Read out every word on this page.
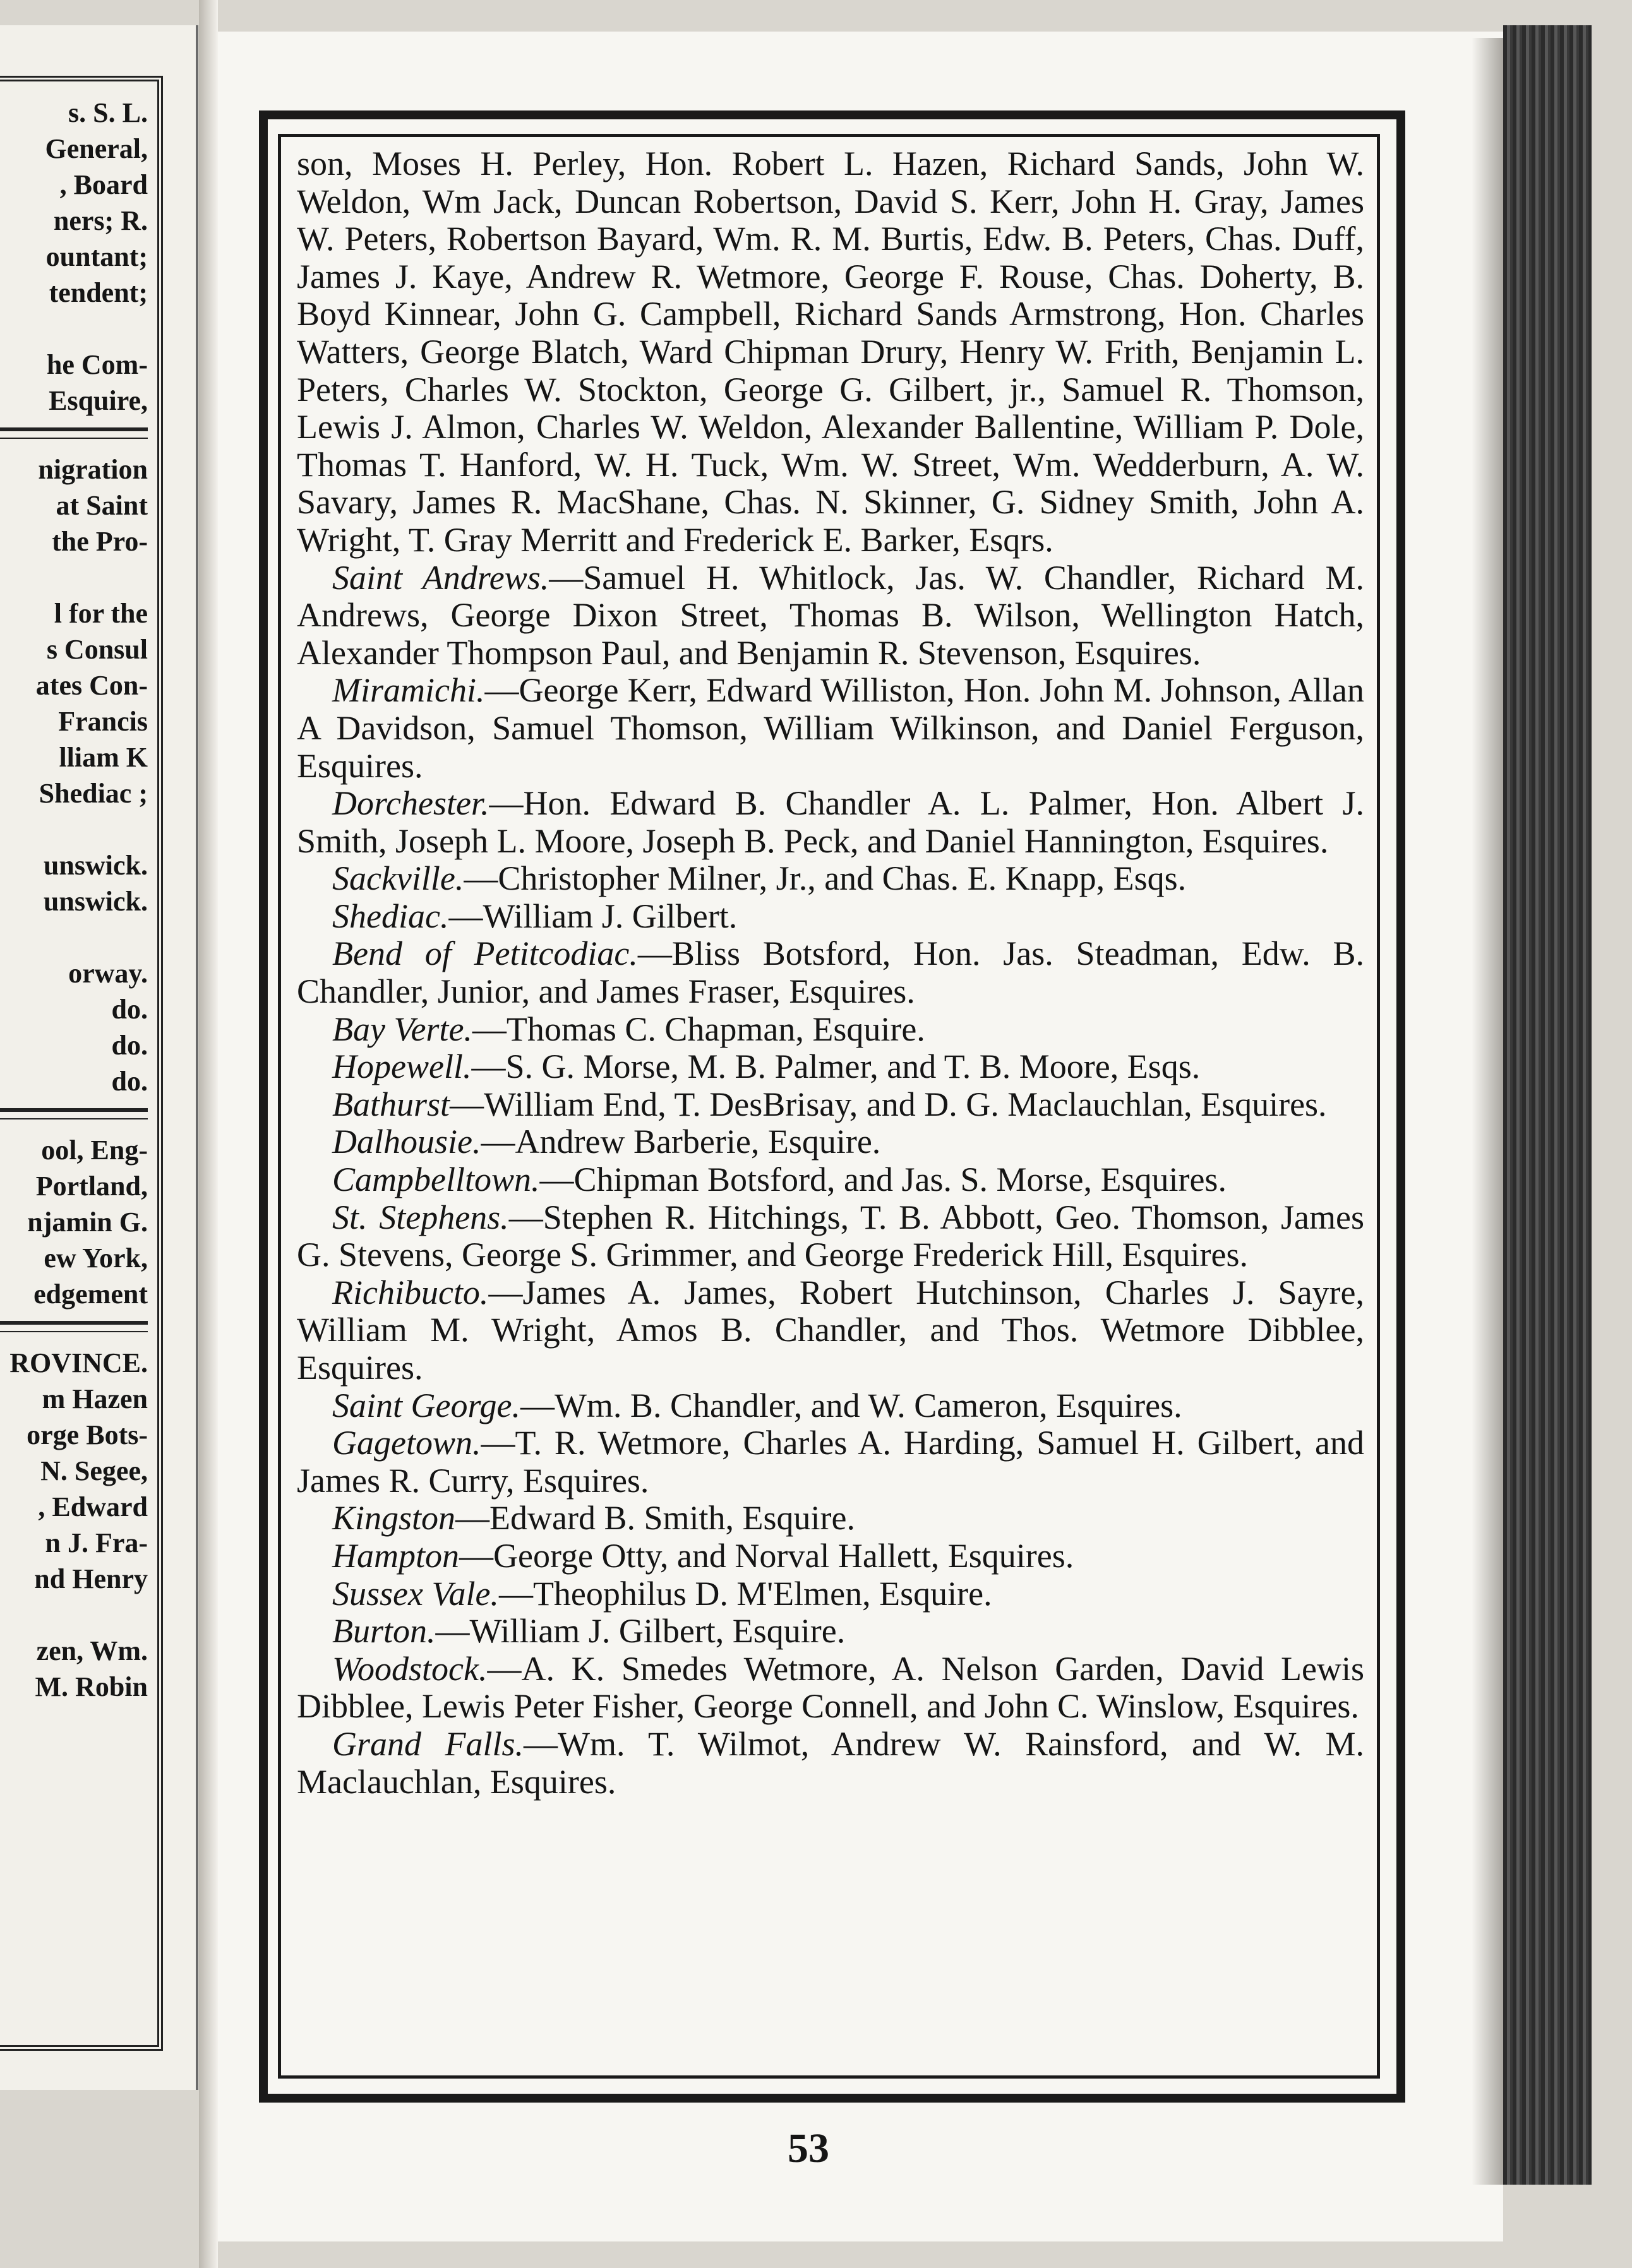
s. S. L.
General,
, Board
ners; R.
ountant;
tendent;
he Com-
Esquire,
nigration
at Saint
the Pro-
l for the
s Consul
ates Con-
Francis
lliam K
Shediac ;
unswick.
unswick.
orway.
do.
do.
do.
ool, Eng-
Portland,
njamin G.
ew York,
edgement
ROVINCE.
m Hazen
orge Bots-
N. Segee,
, Edward
n J. Fra-
nd Henry
zen, Wm.
M. Robin

son, Moses H. Perley, Hon. Robert L. Hazen, Richard Sands, John W. Weldon, Wm Jack, Duncan Robertson, David S. Kerr, John H. Gray, James W. Peters, Robertson Bayard, Wm. R. M. Burtis, Edw. B. Peters, Chas. Duff, James J. Kaye, Andrew R. Wetmore, George F. Rouse, Chas. Doherty, B. Boyd Kinnear, John G. Campbell, Richard Sands Armstrong, Hon. Charles Watters, George Blatch, Ward Chipman Drury, Henry W. Frith, Benjamin L. Peters, Charles W. Stockton, George G. Gilbert, jr., Samuel R. Thomson, Lewis J. Almon, Charles W. Weldon, Alexander Ballentine, William P. Dole, Thomas T. Hanford, W. H. Tuck, Wm. W. Street, Wm. Wedderburn, A. W. Savary, James R. MacShane, Chas. N. Skinner, G. Sidney Smith, John A. Wright, T. Gray Merritt and Frederick E. Barker, Esqrs.

Saint Andrews.—Samuel H. Whitlock, Jas. W. Chandler, Richard M. Andrews, George Dixon Street, Thomas B. Wilson, Wellington Hatch, Alexander Thompson Paul, and Benjamin R. Stevenson, Esquires.

Miramichi.—George Kerr, Edward Williston, Hon. John M. Johnson, Allan A Davidson, Samuel Thomson, William Wilkinson, and Daniel Ferguson, Esquires.

Dorchester.—Hon. Edward B. Chandler A. L. Palmer, Hon. Albert J. Smith, Joseph L. Moore, Joseph B. Peck, and Daniel Hannington, Esquires.

Sackville.—Christopher Milner, Jr., and Chas. E. Knapp, Esqs.

Shediac.—William J. Gilbert.

Bend of Petitcodiac.—Bliss Botsford, Hon. Jas. Steadman, Edw. B. Chandler, Junior, and James Fraser, Esquires.

Bay Verte.—Thomas C. Chapman, Esquire.

Hopewell.—S. G. Morse, M. B. Palmer, and T. B. Moore, Esqs.

Bathurst—William End, T. DesBrisay, and D. G. Maclauchlan, Esquires.

Dalhousie.—Andrew Barberie, Esquire.

Campbelltown.—Chipman Botsford, and Jas. S. Morse, Esquires.

St. Stephens.—Stephen R. Hitchings, T. B. Abbott, Geo. Thomson, James G. Stevens, George S. Grimmer, and George Frederick Hill, Esquires.

Richibucto.—James A. James, Robert Hutchinson, Charles J. Sayre, William M. Wright, Amos B. Chandler, and Thos. Wetmore Dibblee, Esquires.

Saint George.—Wm. B. Chandler, and W. Cameron, Esquires.

Gagetown.—T. R. Wetmore, Charles A. Harding, Samuel H. Gilbert, and James R. Curry, Esquires.

Kingston—Edward B. Smith, Esquire.

Hampton—George Otty, and Norval Hallett, Esquires.

Sussex Vale.—Theophilus D. M'Elmen, Esquire.

Burton.—William J. Gilbert, Esquire.

Woodstock.—A. K. Smedes Wetmore, A. Nelson Garden, David Lewis Dibblee, Lewis Peter Fisher, George Connell, and John C. Winslow, Esquires.

Grand Falls.—Wm. T. Wilmot, Andrew W. Rainsford, and W. M. Maclauchlan, Esquires.

53
